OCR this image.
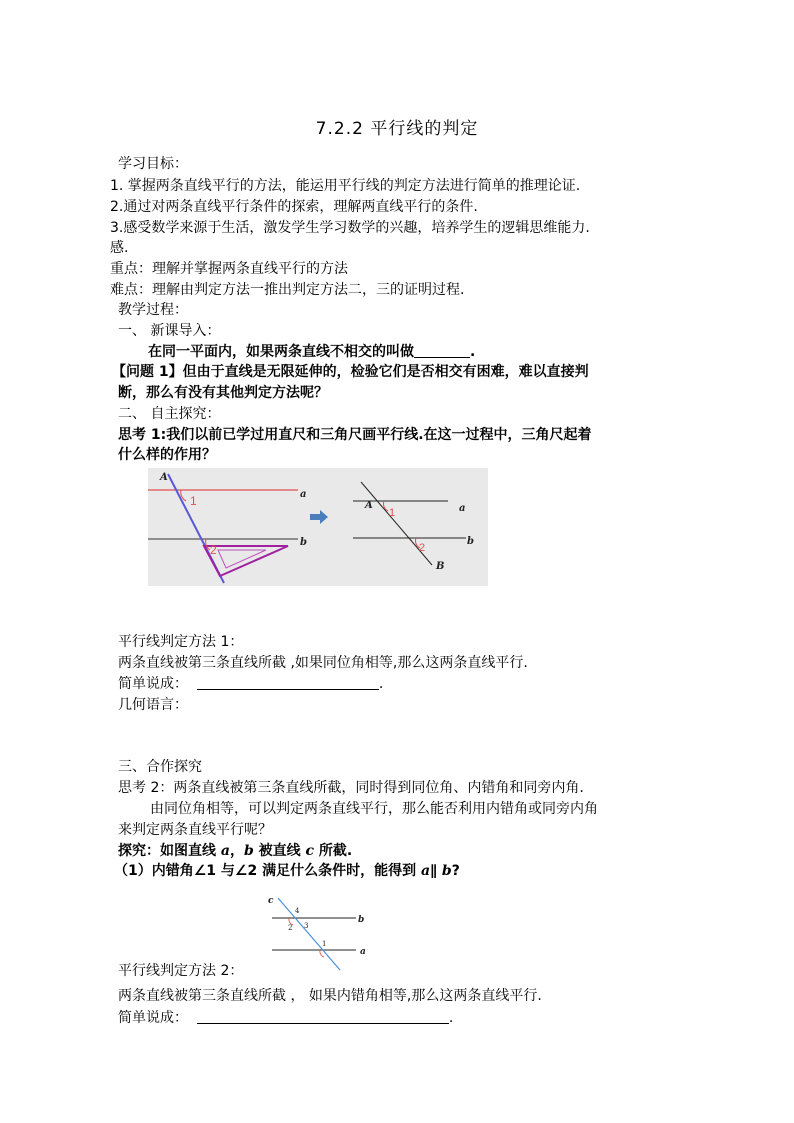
7.2.2 平行线的判定
学习目标：
1. 掌握两条直线平行的方法，能运用平行线的判定方法进行简单的推理论证.
2.通过对两条直线平行条件的探索，理解两直线平行的条件.
3.感受数学来源于生活，激发学生学习数学的兴趣，培养学生的逻辑思维能力.
感.
重点：理解并掌握两条直线平行的方法
难点：理解由判定方法一推出判定方法二，三的证明过程.
教学过程：
一、 新课导入：
在同一平面内，如果两条直线不相交的叫做	.
【问题 1】但由于直线是无限延伸的，检验它们是否相交有困难，难以直接判
断，那么有没有其他判定方法呢？
二、 自主探究：
思考 1:我们以前已学过用直尺和三角尺画平行线.在这一过程中，三角尺起着
什么样的作用？
A
1
2
a
b
A
1
2
a
b
B
平行线判定方法 1：
两条直线被第三条直线所截 ,如果同位角相等,那么这两条直线平行.
简单说成：	.
几何语言：
三、合作探究
思考 2：两条直线被第三条直线所截，同时得到同位角、内错角和同旁内角.
由同位角相等，可以判定两条直线平行，那么能否利用内错角或同旁内角
来判定两条直线平行呢？
探究：如图直线 a，b 被直线 c 所截.
（1）内错角∠1 与∠2 满足什么条件时，能得到 a∥ b?
c
b
a
4
2 3
1
平行线判定方法 2：
两条直线被第三条直线所截 ， 如果内错角相等,那么这两条直线平行.
简单说成：	.
